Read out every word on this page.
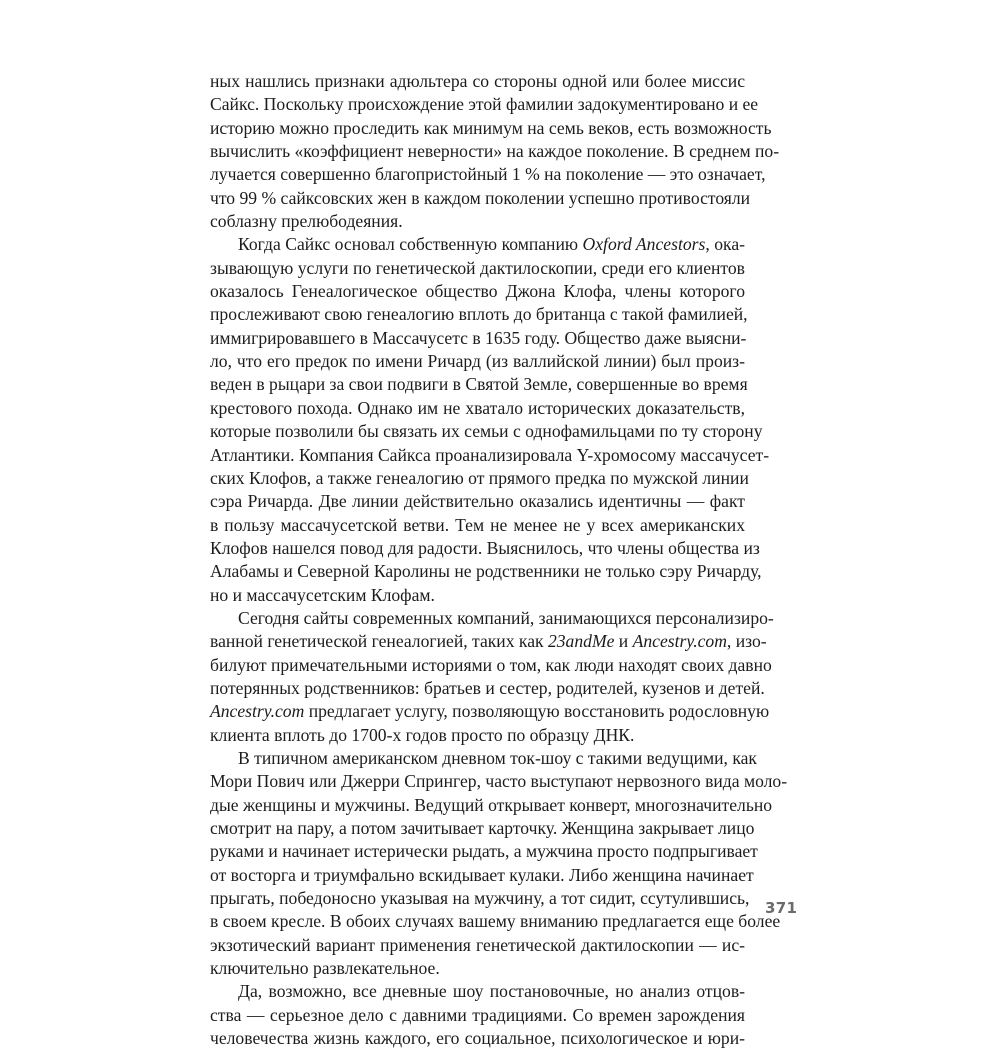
ных нашлись признаки адюльтера со стороны одной или более миссис
Сайкс. Поскольку происхождение этой фамилии задокументировано и ее
историю можно проследить как минимум на семь веков, есть возможность
вычислить «коэффициент неверности» на каждое поколение. В среднем по-
лучается совершенно благопристойный 1 % на поколение — это означает,
что 99 % сайксовских жен в каждом поколении успешно противостояли
соблазну прелюбодеяния.
Когда Сайкс основал собственную компанию Oxford Ancestors, ока-
зывающую услуги по генетической дактилоскопии, среди его клиентов
оказалось Генеалогическое общество Джона Клофа, члены которого
прослеживают свою генеалогию вплоть до британца с такой фамилией,
иммигрировавшего в Массачусетс в 1635 году. Общество даже выясни-
ло, что его предок по имени Ричард (из валлийской линии) был произ-
веден в рыцари за свои подвиги в Святой Земле, совершенные во время
крестового похода. Однако им не хватало исторических доказательств,
которые позволили бы связать их семьи с однофамильцами по ту сторону
Атлантики. Компания Сайкса проанализировала Y-хромосому массачусет-
ских Клофов, а также генеалогию от прямого предка по мужской линии
сэра Ричарда. Две линии действительно оказались идентичны — факт
в пользу массачусетской ветви. Тем не менее не у всех американских
Клофов нашелся повод для радости. Выяснилось, что члены общества из
Алабамы и Северной Каролины не родственники не только сэру Ричарду,
но и массачусетским Клофам.
Сегодня сайты современных компаний, занимающихся персонализиро-
ванной генетической генеалогией, таких как 23andMe и Ancestry.com, изо-
билуют примечательными историями о том, как люди находят своих давно
потерянных родственников: братьев и сестер, родителей, кузенов и детей.
Ancestry.com предлагает услугу, позволяющую восстановить родословную
клиента вплоть до 1700-х годов просто по образцу ДНК.
В типичном американском дневном ток-шоу с такими ведущими, как
Мори Пович или Джерри Спрингер, часто выступают нервозного вида моло-
дые женщины и мужчины. Ведущий открывает конверт, многозначительно
смотрит на пару, а потом зачитывает карточку. Женщина закрывает лицо
руками и начинает истерически рыдать, а мужчина просто подпрыгивает
от восторга и триумфально вскидывает кулаки. Либо женщина начинает
прыгать, победоносно указывая на мужчину, а тот сидит, ссутулившись,
в своем кресле. В обоих случаях вашему вниманию предлагается еще более
экзотический вариант применения генетической дактилоскопии — ис-
ключительно развлекательное.
Да, возможно, все дневные шоу постановочные, но анализ отцов-
ства — серьезное дело с давними традициями. Со времен зарождения
человечества жизнь каждого, его социальное, психологическое и юри-
371
